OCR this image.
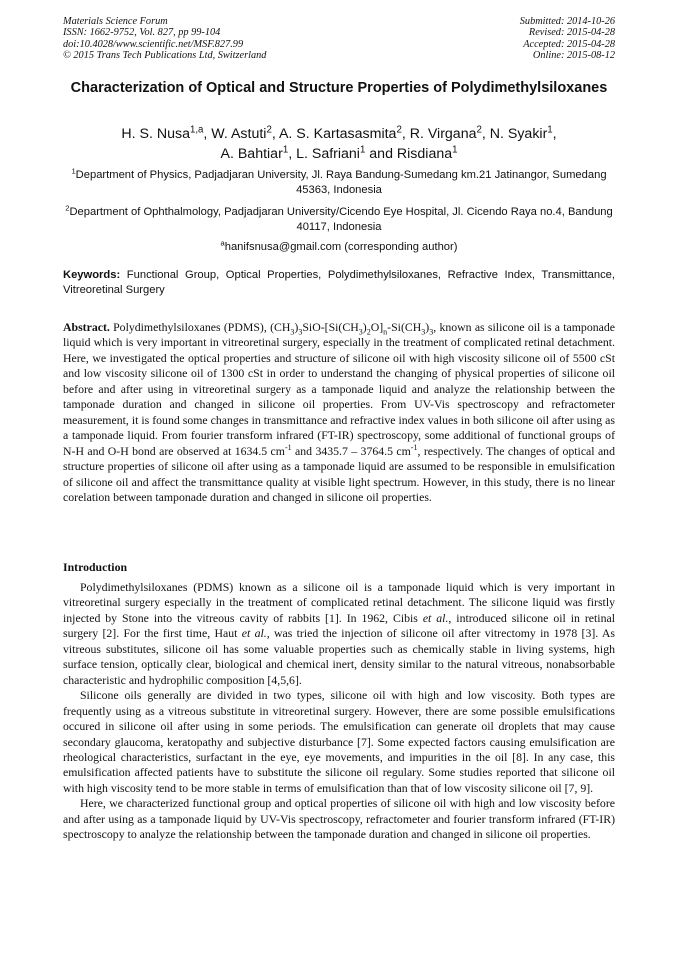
Materials Science Forum
ISSN: 1662-9752, Vol. 827, pp 99-104
doi:10.4028/www.scientific.net/MSF.827.99
© 2015 Trans Tech Publications Ltd, Switzerland
Submitted: 2014-10-26
Revised: 2015-04-28
Accepted: 2015-04-28
Online: 2015-08-12
Characterization of Optical and Structure Properties of Polydimethylsiloxanes
H. S. Nusa$^{1,a}$, W. Astuti$^2$, A. S. Kartasasmita$^2$, R. Virgana$^2$, N. Syakir$^1$,
A. Bahtiar$^1$, L. Safriani$^1$ and Risdiana$^1$
$^1$Department of Physics, Padjadjaran University, Jl. Raya Bandung-Sumedang km.21 Jatinangor, Sumedang 45363, Indonesia
$^2$Department of Ophthalmology, Padjadjaran University/Cicendo Eye Hospital, Jl. Cicendo Raya no.4, Bandung 40117, Indonesia
$^a$hanifsnusa@gmail.com (corresponding author)
Keywords: Functional Group, Optical Properties, Polydimethylsiloxanes, Refractive Index, Transmittance, Vitreoretinal Surgery
Abstract. Polydimethylsiloxanes (PDMS), $(CH_3)_3SiO-[Si(CH_3)_2O]_n-Si(CH_3)_3$, known as silicone oil is a tamponade liquid which is very important in vitreoretinal surgery, especially in the treatment of complicated retinal detachment. Here, we investigated the optical properties and structure of silicone oil with high viscosity silicone oil of 5500 cSt and low viscosity silicone oil of 1300 cSt in order to understand the changing of physical properties of silicone oil before and after using in vitreoretinal surgery as a tamponade liquid and analyze the relationship between the tamponade duration and changed in silicone oil properties. From UV-Vis spectroscopy and refractometer measurement, it is found some changes in transmittance and refractive index values in both silicone oil after using as a tamponade liquid. From fourier transform infrared (FT-IR) spectroscopy, some additional of functional groups of N-H and O-H bond are observed at 1634.5 $cm^{-1}$ and 3435.7 – 3764.5 $cm^{-1}$, respectively. The changes of optical and structure properties of silicone oil after using as a tamponade liquid are assumed to be responsible in emulsification of silicone oil and affect the transmittance quality at visible light spectrum. However, in this study, there is no linear corelation between tamponade duration and changed in silicone oil properties.
Introduction

Polydimethylsiloxanes (PDMS) known as a silicone oil is a tamponade liquid which is very important in vitreoretinal surgery especially in the treatment of complicated retinal detachment. The silicone liquid was firstly injected by Stone into the vitreous cavity of rabbits [1]. In 1962, Cibis et al., introduced silicone oil in retinal surgery [2]. For the first time, Haut et al., was tried the injection of silicone oil after vitrectomy in 1978 [3]. As vitreous substitutes, silicone oil has some valuable properties such as chemically stable in living systems, high surface tension, optically clear, biological and chemical inert, density similar to the natural vitreous, nonabsorbable characteristic and hydrophilic composition [4,5,6].

Silicone oils generally are divided in two types, silicone oil with high and low viscosity. Both types are frequently using as a vitreous substitute in vitreoretinal surgery. However, there are some possible emulsifications occured in silicone oil after using in some periods. The emulsification can generate oil droplets that may cause secondary glaucoma, keratopathy and subjective disturbance [7]. Some expected factors causing emulsification are rheological characteristics, surfactant in the eye, eye movements, and impurities in the oil [8]. In any case, this emulsification affected patients have to substitute the silicone oil regulary. Some studies reported that silicone oil with high viscosity tend to be more stable in terms of emulsification than that of low viscosity silicone oil [7, 9].

Here, we characterized functional group and optical properties of silicone oil with high and low viscosity before and after using as a tamponade liquid by UV-Vis spectroscopy, refractometer and fourier transform infrared (FT-IR) spectroscopy to analyze the relationship between the tamponade duration and changed in silicone oil properties.
